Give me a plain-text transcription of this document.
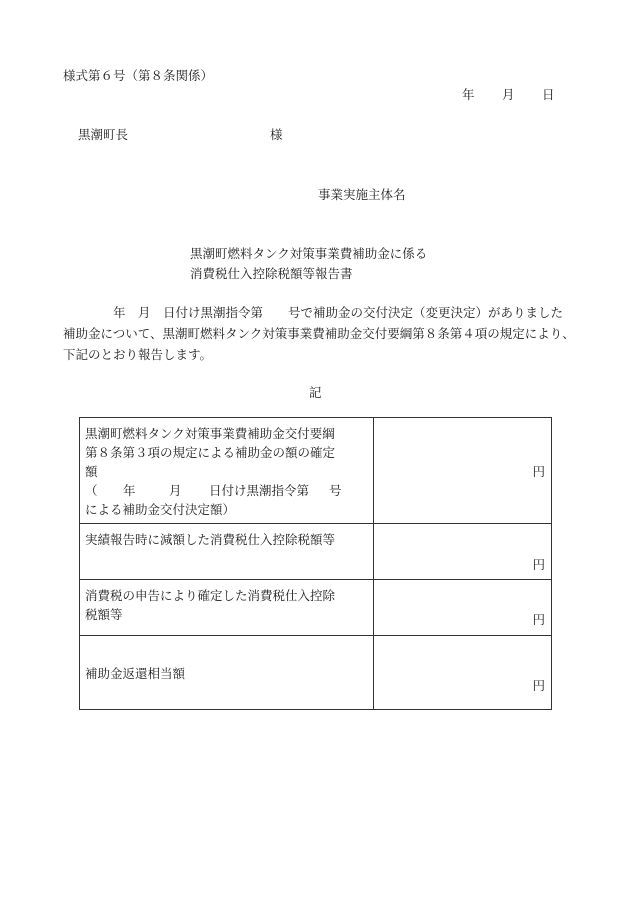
様式第６号（第８条関係）
年 月 日
黒潮町長	様
事業実施主体名
黒潮町燃料タンク対策事業費補助金に係る
消費税仕入控除税額等報告書
年　月　日付け黒潮指令第　　号で補助金の交付決定（変更決定）がありました補助金について、黒潮町燃料タンク対策事業費補助金交付要綱第８条第４項の規定により、下記のとおり報告します。
記
黒潮町燃料タンク対策事業費補助金交付要綱
第８条第３項の規定による補助金の額の確定
額
（ 年 月 日付け黒潮指令第 号
による補助金交付決定額）	円

実績報告時に減額した消費税仕入控除税額等	円

消費税の申告により確定した消費税仕入控除
税額等	円

補助金返還相当額	円
